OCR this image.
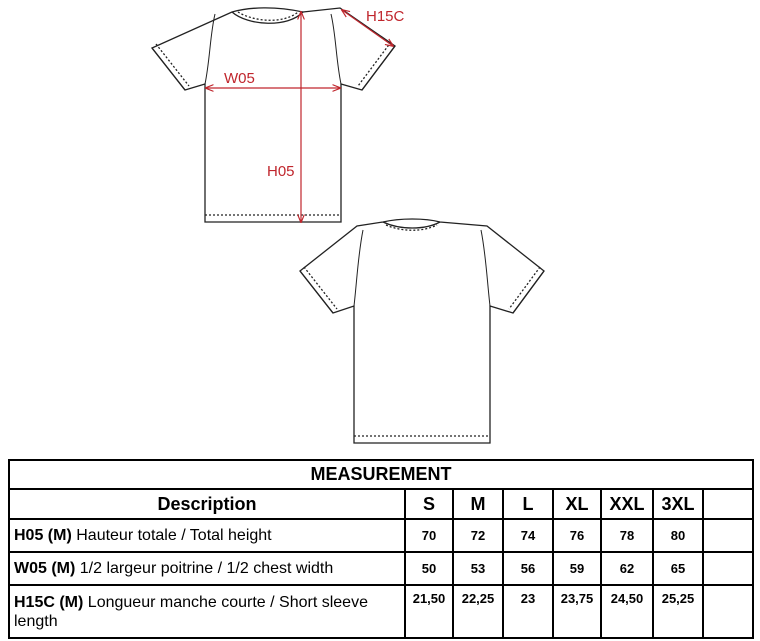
H15C
W05
H05
MEASUREMENT							
Description	S	M	L	XL	XXL	3XL	
H05 (M) Hauteur totale / Total height	70	72	74	76	78	80	
W05 (M) 1/2 largeur poitrine / 1/2 chest width	50	53	56	59	62	65	
H15C (M) Longueur manche courte / Short sleeve length	21,50	22,25	23	23,75	24,50	25,25	
